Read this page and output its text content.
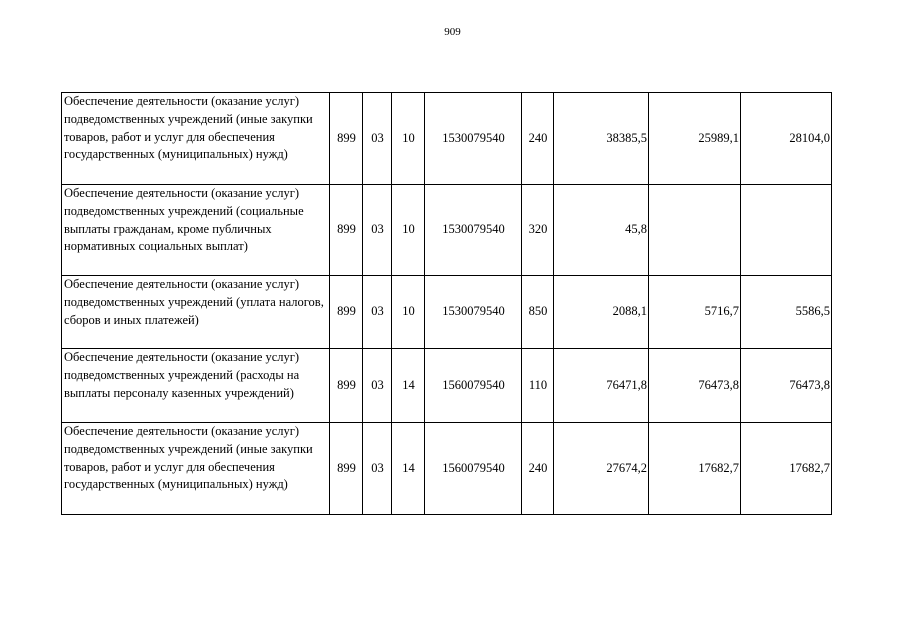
909
Обеспечение деятельности (оказание услуг) подведомственных учреждений (иные закупки товаров, работ и услуг для обеспечения государственных (муниципальных) нужд)	899	03	10	1530079540	240	38385,5	25989,1	28104,0
Обеспечение деятельности (оказание услуг) подведомственных учреждений (социальные выплаты гражданам, кроме публичных нормативных социальных выплат)	899	03	10	1530079540	320	45,8		
Обеспечение деятельности (оказание услуг) подведомственных учреждений (уплата налогов, сборов и иных платежей)	899	03	10	1530079540	850	2088,1	5716,7	5586,5
Обеспечение деятельности (оказание услуг) подведомственных учреждений (расходы на выплаты персоналу казенных учреждений)	899	03	14	1560079540	110	76471,8	76473,8	76473,8
Обеспечение деятельности (оказание услуг) подведомственных учреждений (иные закупки товаров, работ и услуг для обеспечения государственных (муниципальных) нужд)	899	03	14	1560079540	240	27674,2	17682,7	17682,7
